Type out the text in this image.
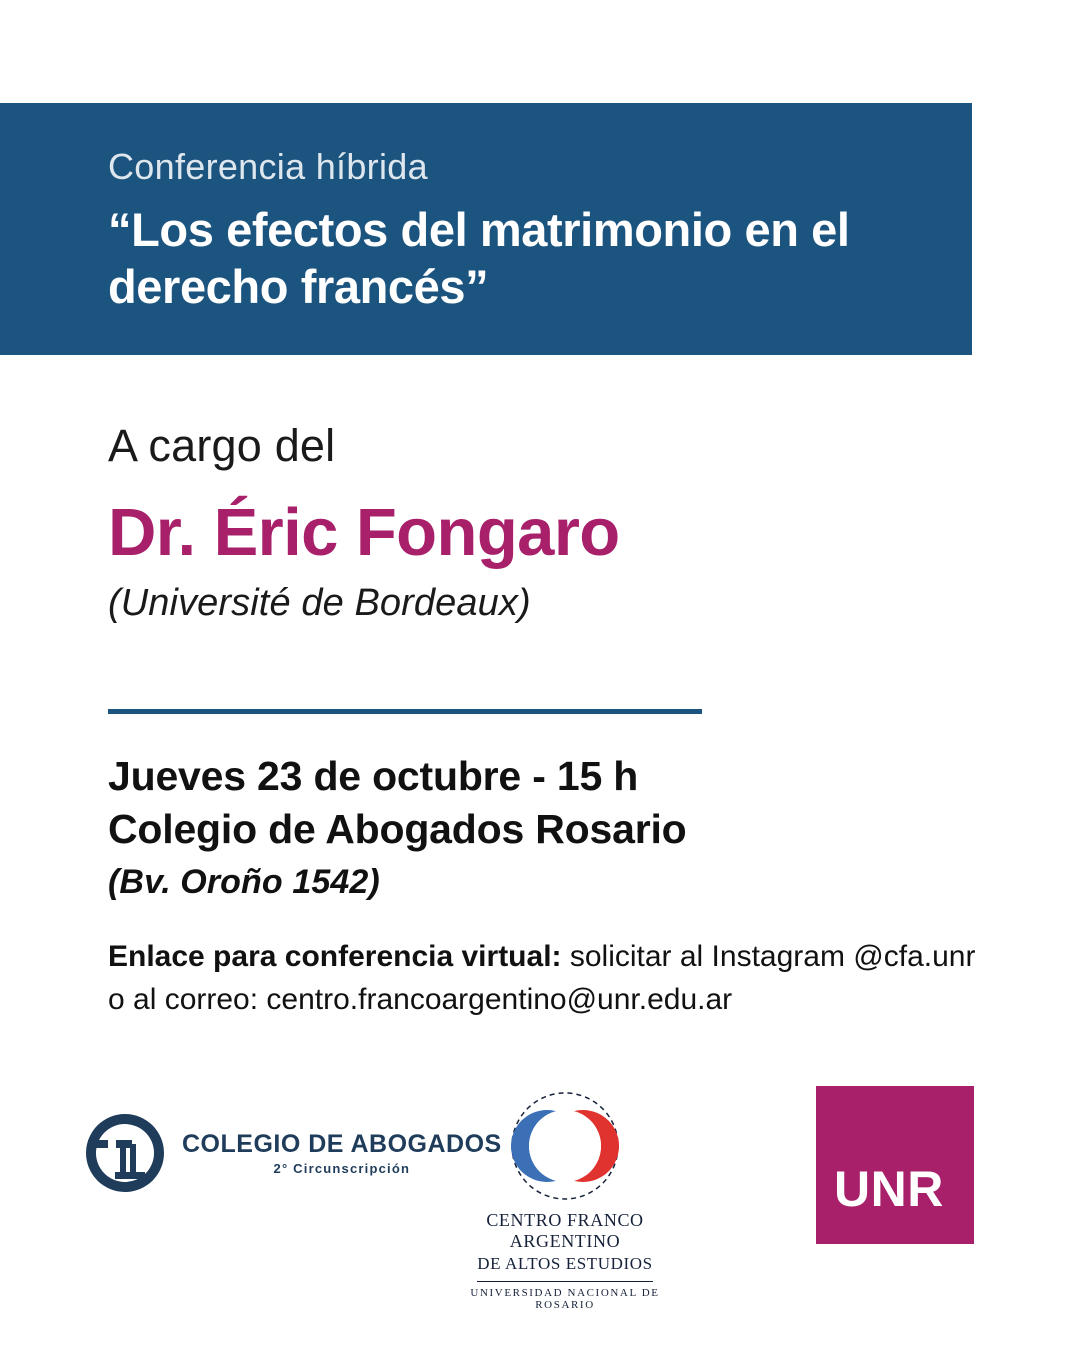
Conferencia híbrida
“Los efectos del matrimonio en el derecho francés”
A cargo del
Dr. Éric Fongaro
(Université de Bordeaux)
Jueves 23 de octubre - 15 h
Colegio de Abogados Rosario
(Bv. Oroño 1542)
Enlace para conferencia virtual: solicitar al Instagram @cfa.unr
o al correo: centro.francoargentino@unr.edu.ar
COLEGIO DE ABOGADOS
2° Circunscripción
CENTRO FRANCO ARGENTINO
DE ALTOS ESTUDIOS
UNIVERSIDAD NACIONAL DE ROSARIO
UNR
